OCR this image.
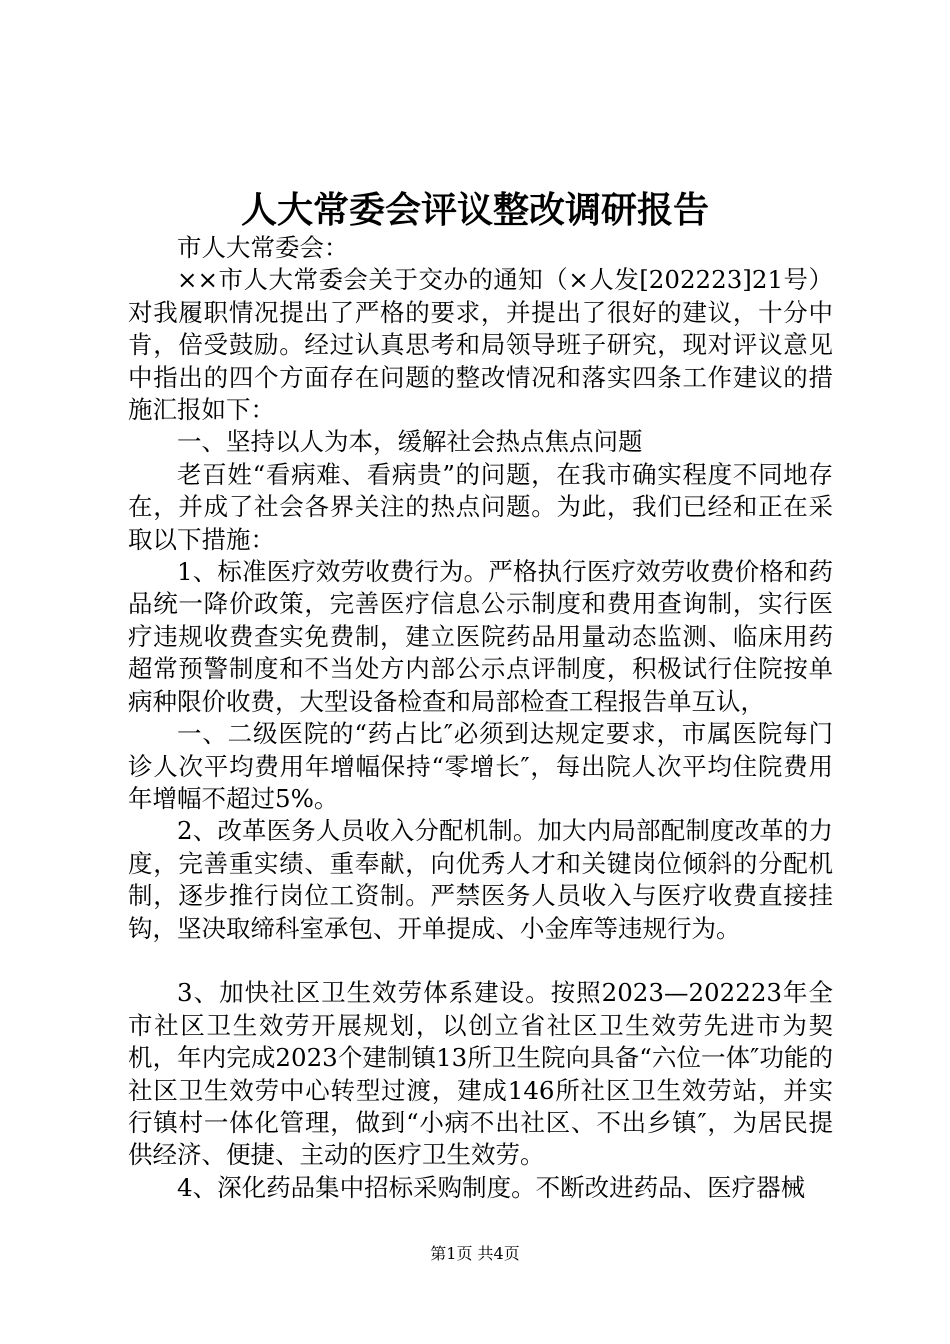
人大常委会评议整改调研报告

市人大常委会：

××市人大常委会关于交办的通知（×人发[202223]21号）对我履职情况提出了严格的要求，并提出了很好的建议，十分中肯，倍受鼓励。经过认真思考和局领导班子研究，现对评议意见中指出的四个方面存在问题的整改情况和落实四条工作建议的措施汇报如下：

一、坚持以人为本，缓解社会热点焦点问题

老百姓“看病难、看病贵”的问题，在我市确实程度不同地存在，并成了社会各界关注的热点问题。为此，我们已经和正在采取以下措施：

1、标准医疗效劳收费行为。严格执行医疗效劳收费价格和药品统一降价政策，完善医疗信息公示制度和费用查询制，实行医疗违规收费查实免费制，建立医院药品用量动态监测、临床用药超常预警制度和不当处方内部公示点评制度，积极试行住院按单病种限价收费，大型设备检查和局部检查工程报告单互认，

一、二级医院的“药占比″必须到达规定要求，市属医院每门诊人次平均费用年增幅保持“零增长″，每出院人次平均住院费用年增幅不超过5%。

2、改革医务人员收入分配机制。加大内局部配制度改革的力度，完善重实绩、重奉献，向优秀人才和关键岗位倾斜的分配机制，逐步推行岗位工资制。严禁医务人员收入与医疗收费直接挂钩，坚决取缔科室承包、开单提成、小金库等违规行为。

3、加快社区卫生效劳体系建设。按照2023—202223年全市社区卫生效劳开展规划，以创立省社区卫生效劳先进市为契机，年内完成2023个建制镇13所卫生院向具备“六位一体″功能的社区卫生效劳中心转型过渡，建成146所社区卫生效劳站，并实行镇村一体化管理，做到“小病不出社区、不出乡镇″，为居民提供经济、便捷、主动的医疗卫生效劳。

4、深化药品集中招标采购制度。不断改进药品、医疗器械

第1页 共4页
